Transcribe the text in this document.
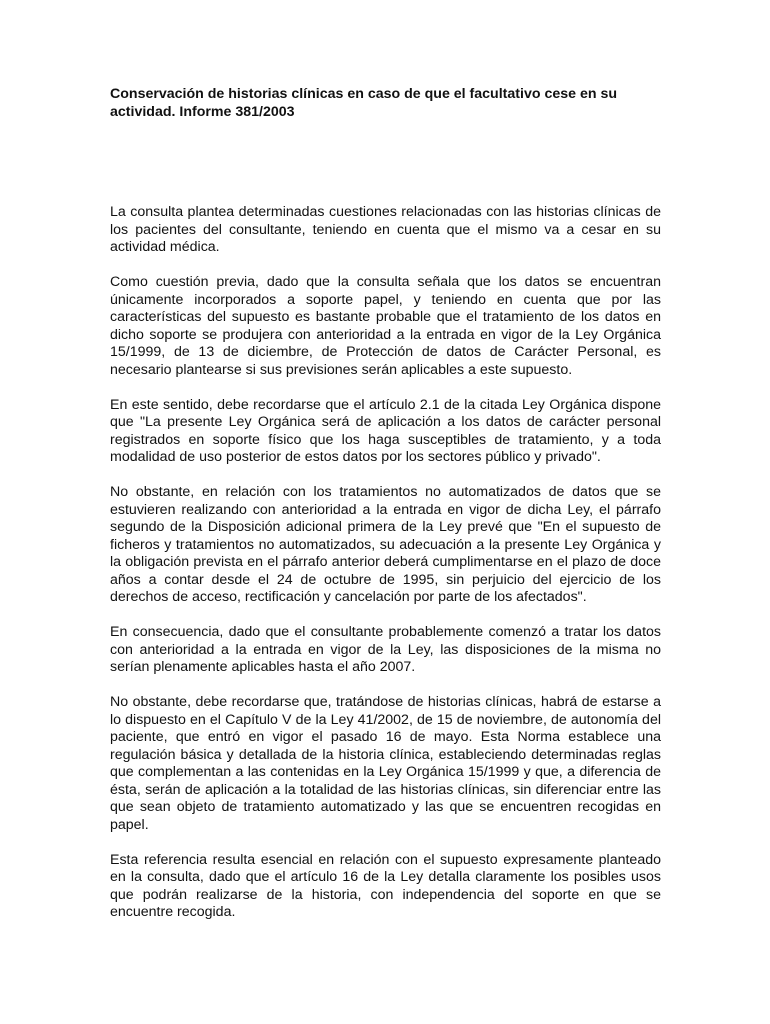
Conservación de historias clínicas en caso de que el facultativo cese en su actividad. Informe 381/2003

La consulta plantea determinadas cuestiones relacionadas con las historias clínicas de los pacientes del consultante, teniendo en cuenta que el mismo va a cesar en su actividad médica.

Como cuestión previa, dado que la consulta señala que los datos se encuentran únicamente incorporados a soporte papel, y teniendo en cuenta que por las características del supuesto es bastante probable que el tratamiento de los datos en dicho soporte se produjera con anterioridad a la entrada en vigor de la Ley Orgánica 15/1999, de 13 de diciembre, de Protección de datos de Carácter Personal, es necesario plantearse si sus previsiones serán aplicables a este supuesto.

En este sentido, debe recordarse que el artículo 2.1 de la citada Ley Orgánica dispone que "La presente Ley Orgánica será de aplicación a los datos de carácter personal registrados en soporte físico que los haga susceptibles de tratamiento, y a toda modalidad de uso posterior de estos datos por los sectores público y privado".

No obstante, en relación con los tratamientos no automatizados de datos que se estuvieren realizando con anterioridad a la entrada en vigor de dicha Ley, el párrafo segundo de la Disposición adicional primera de la Ley prevé que "En el supuesto de ficheros y tratamientos no automatizados, su adecuación a la presente Ley Orgánica y la obligación prevista en el párrafo anterior deberá cumplimentarse en el plazo de doce años a contar desde el 24 de octubre de 1995, sin perjuicio del ejercicio de los derechos de acceso, rectificación y cancelación por parte de los afectados".

En consecuencia, dado que el consultante probablemente comenzó a tratar los datos con anterioridad a la entrada en vigor de la Ley, las disposiciones de la misma no serían plenamente aplicables hasta el año 2007.

No obstante, debe recordarse que, tratándose de historias clínicas, habrá de estarse a lo dispuesto en el Capítulo V de la Ley 41/2002, de 15 de noviembre, de autonomía del paciente, que entró en vigor el pasado 16 de mayo. Esta Norma establece una regulación básica y detallada de la historia clínica, estableciendo determinadas reglas que complementan a las contenidas en la Ley Orgánica 15/1999 y que, a diferencia de ésta, serán de aplicación a la totalidad de las historias clínicas, sin diferenciar entre las que sean objeto de tratamiento automatizado y las que se encuentren recogidas en papel.

Esta referencia resulta esencial en relación con el supuesto expresamente planteado en la consulta, dado que el artículo 16 de la Ley detalla claramente los posibles usos que podrán realizarse de la historia, con independencia del soporte en que se encuentre recogida.
